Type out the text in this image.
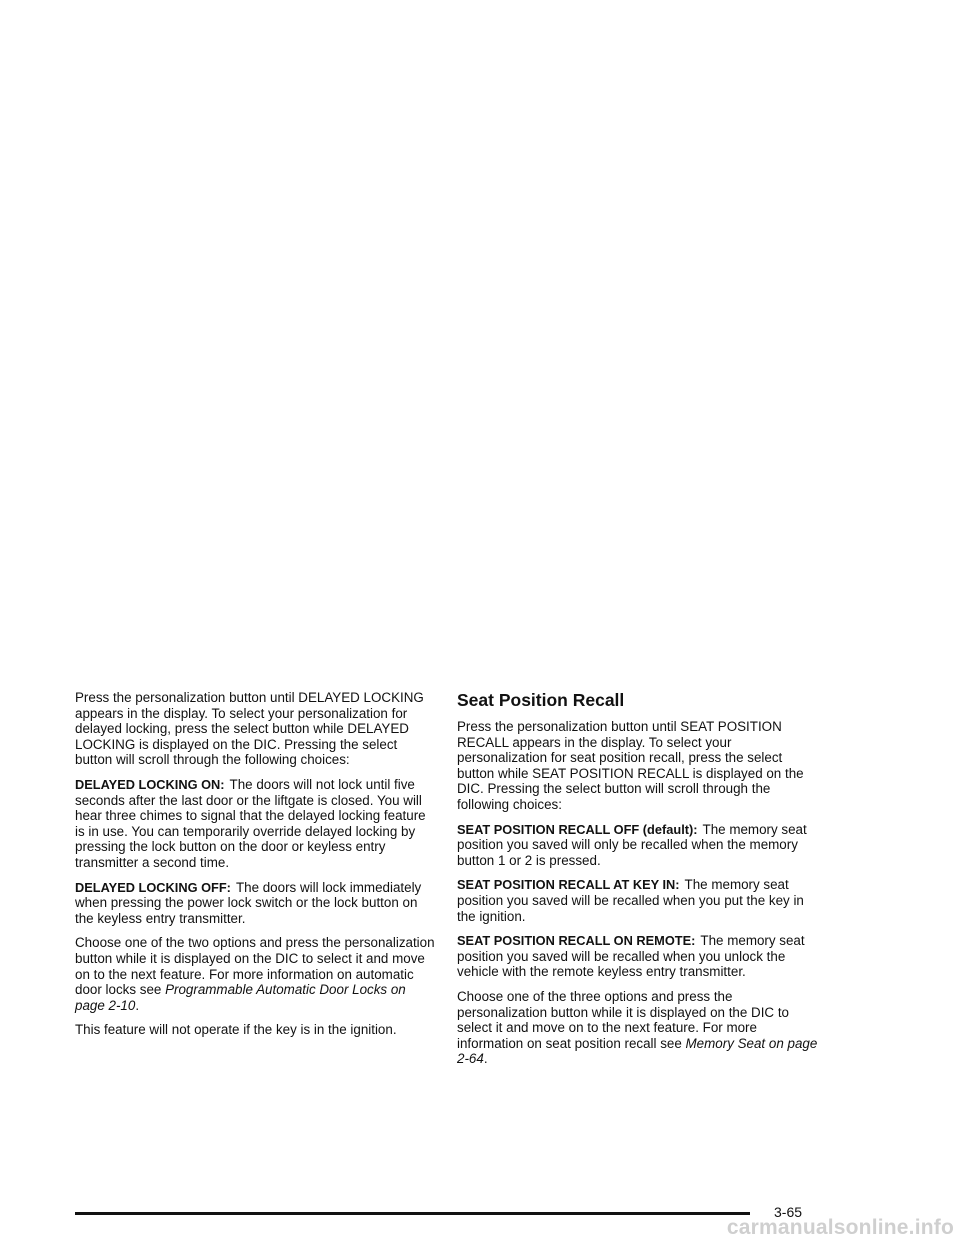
Press the personalization button until DELAYED LOCKING appears in the display. To select your personalization for delayed locking, press the select button while DELAYED LOCKING is displayed on the DIC. Pressing the select button will scroll through the following choices:

DELAYED LOCKING ON: The doors will not lock until five seconds after the last door or the liftgate is closed. You will hear three chimes to signal that the delayed locking feature is in use. You can temporarily override delayed locking by pressing the lock button on the door or keyless entry transmitter a second time.

DELAYED LOCKING OFF: The doors will lock immediately when pressing the power lock switch or the lock button on the keyless entry transmitter.

Choose one of the two options and press the personalization button while it is displayed on the DIC to select it and move on to the next feature. For more information on automatic door locks see Programmable Automatic Door Locks on page 2-10.

This feature will not operate if the key is in the ignition.

Seat Position Recall

Press the personalization button until SEAT POSITION RECALL appears in the display. To select your personalization for seat position recall, press the select button while SEAT POSITION RECALL is displayed on the DIC. Pressing the select button will scroll through the following choices:

SEAT POSITION RECALL OFF (default): The memory seat position you saved will only be recalled when the memory button 1 or 2 is pressed.

SEAT POSITION RECALL AT KEY IN: The memory seat position you saved will be recalled when you put the key in the ignition.

SEAT POSITION RECALL ON REMOTE: The memory seat position you saved will be recalled when you unlock the vehicle with the remote keyless entry transmitter.

Choose one of the three options and press the personalization button while it is displayed on the DIC to select it and move on to the next feature. For more information on seat position recall see Memory Seat on page 2-64.

3-65
carmanualsonline.info
